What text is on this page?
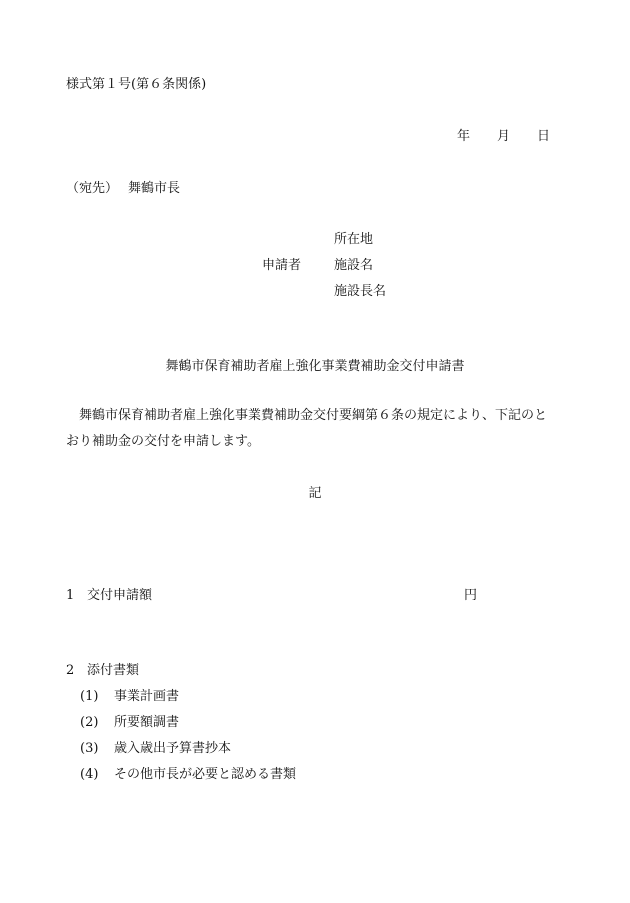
様式第１号(第６条関係)
年 月 日
（宛先） 舞鶴市長
所在地
申請者	施設名
施設長名
舞鶴市保育補助者雇上強化事業費補助金交付申請書
舞鶴市保育補助者雇上強化事業費補助金交付要綱第６条の規定により、下記のと
おり補助金の交付を申請します。
記
1 交付申請額	円
2 添付書類
(1) 事業計画書
(2) 所要額調書
(3) 歳入歳出予算書抄本
(4) その他市長が必要と認める書類
